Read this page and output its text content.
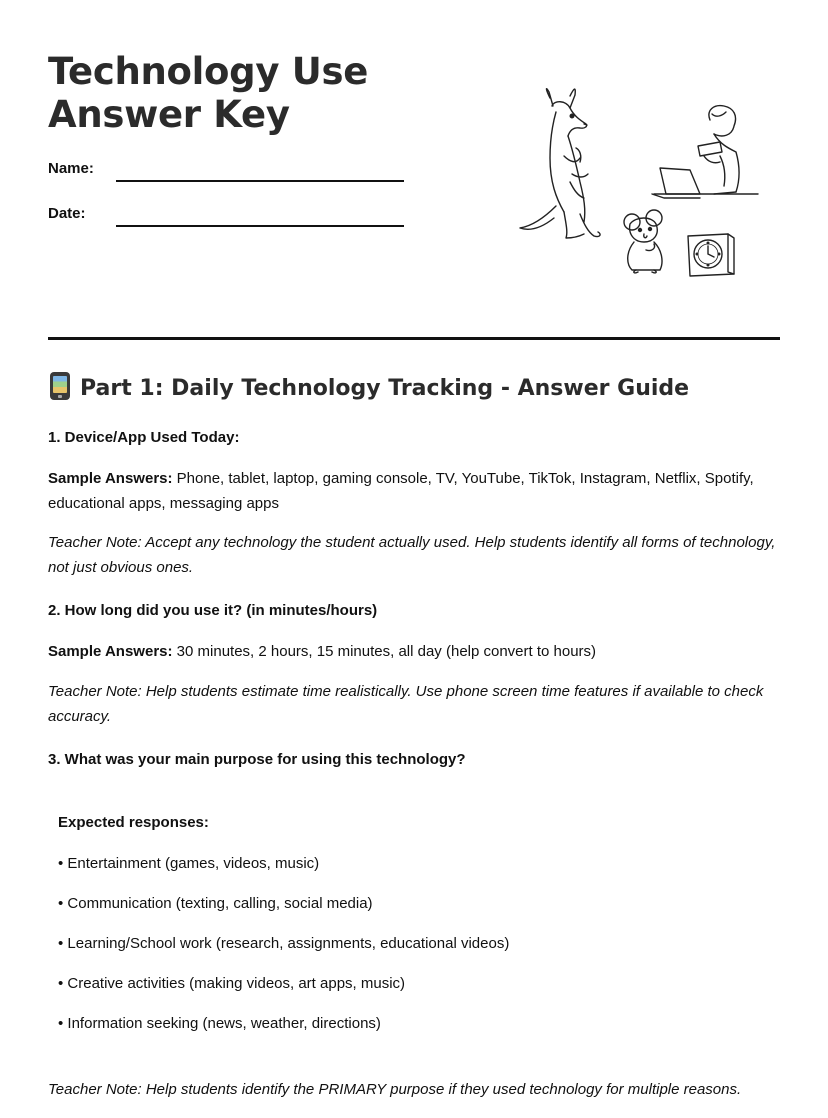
Technology Use Answer Key
Name:
Date:
Part 1: Daily Technology Tracking - Answer Guide
1. Device/App Used Today:

Sample Answers: Phone, tablet, laptop, gaming console, TV, YouTube, TikTok, Instagram, Netflix, Spotify, educational apps, messaging apps

Teacher Note: Accept any technology the student actually used. Help students identify all forms of technology, not just obvious ones.

2. How long did you use it? (in minutes/hours)

Sample Answers: 30 minutes, 2 hours, 15 minutes, all day (help convert to hours)

Teacher Note: Help students estimate time realistically. Use phone screen time features if available to check accuracy.

3. What was your main purpose for using this technology?
Expected responses:
• Entertainment (games, videos, music)
• Communication (texting, calling, social media)
• Learning/School work (research, assignments, educational videos)
• Creative activities (making videos, art apps, music)
• Information seeking (news, weather, directions)

Teacher Note: Help students identify the PRIMARY purpose if they used technology for multiple reasons.
